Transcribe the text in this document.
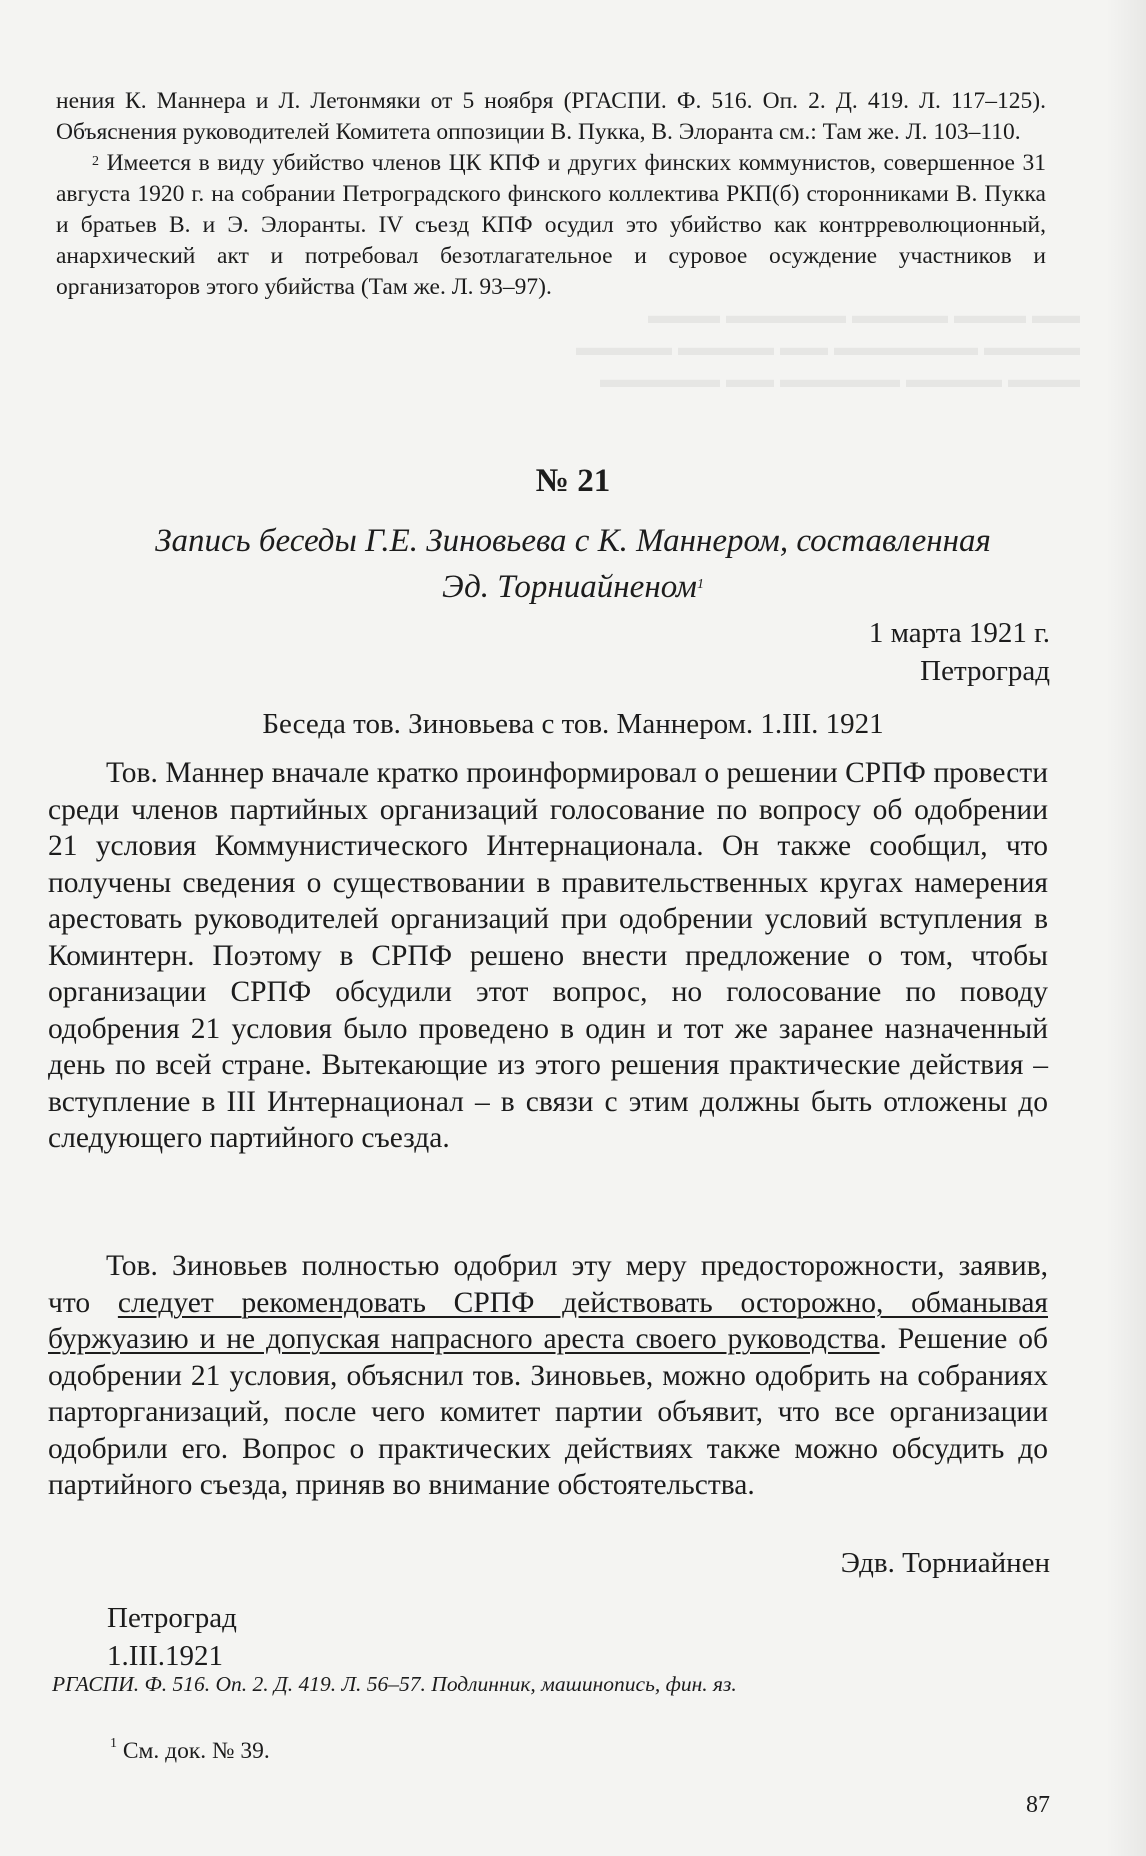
▬▬ ▬▬▬ ▬▬▬▬ ▬▬▬▬▬ ▬▬▬
▬▬▬▬ ▬▬▬▬▬▬ ▬▬ ▬▬▬▬ ▬▬▬▬
▬▬▬ ▬▬▬▬ ▬▬▬▬▬ ▬▬ ▬▬▬▬▬

нения К. Маннера и Л. Летонмяки от 5 ноября (РГАСПИ. Ф. 516. Оп. 2. Д. 419. Л. 117–125). Объяснения руководителей Комитета оппозиции В. Пукка, В. Элоранта см.: Там же. Л. 103–110.

$^2$ Имеется в виду убийство членов ЦК КПФ и других финских коммунистов, совершенное 31 августа 1920 г. на собрании Петроградского финского коллектива РКП(б) сторонниками В. Пукка и братьев В. и Э. Элоранты. IV съезд КПФ осудил это убийство как контрреволюционный, анархический акт и потребовал безотлагательное и суровое осуждение участников и организаторов этого убийства (Там же. Л. 93–97).

№ 21
Запись беседы Г.Е. Зиновьева с К. Маннером, составленная Эд. Торниайненом$^1$
1 марта 1921 г.
Петроград
Беседа тов. Зиновьева с тов. Маннером. 1.III. 1921

Тов. Маннер вначале кратко проинформировал о решении СРПФ провести среди членов партийных организаций голосование по вопросу об одобрении 21 условия Коммунистического Интернационала. Он также сообщил, что получены сведения о существовании в правительственных кругах намерения арестовать руководителей организаций при одобрении условий вступления в Коминтерн. Поэтому в СРПФ решено внести предложение о том, чтобы организации СРПФ обсудили этот вопрос, но голосование по поводу одобрения 21 условия было проведено в один и тот же заранее назначенный день по всей стране. Вытекающие из этого решения практические действия – вступление в III Интернационал – в связи с этим должны быть отложены до следующего партийного съезда.

Тов. Зиновьев полностью одобрил эту меру предосторожности, заявив, что следует рекомендовать СРПФ действовать осторожно, обманывая буржуазию и не допуская напрасного ареста своего руководства. Решение об одобрении 21 условия, объяснил тов. Зиновьев, можно одобрить на собраниях парторганизаций, после чего комитет партии объявит, что все организации одобрили его. Вопрос о практических действиях также можно обсудить до партийного съезда, приняв во внимание обстоятельства.

Эдв. Торниайнен
Петроград
1.III.1921
РГАСПИ. Ф. 516. Оп. 2. Д. 419. Л. 56–57. Подлинник, машинопись, фин. яз.
$^1$ См. док. № 39.
87
